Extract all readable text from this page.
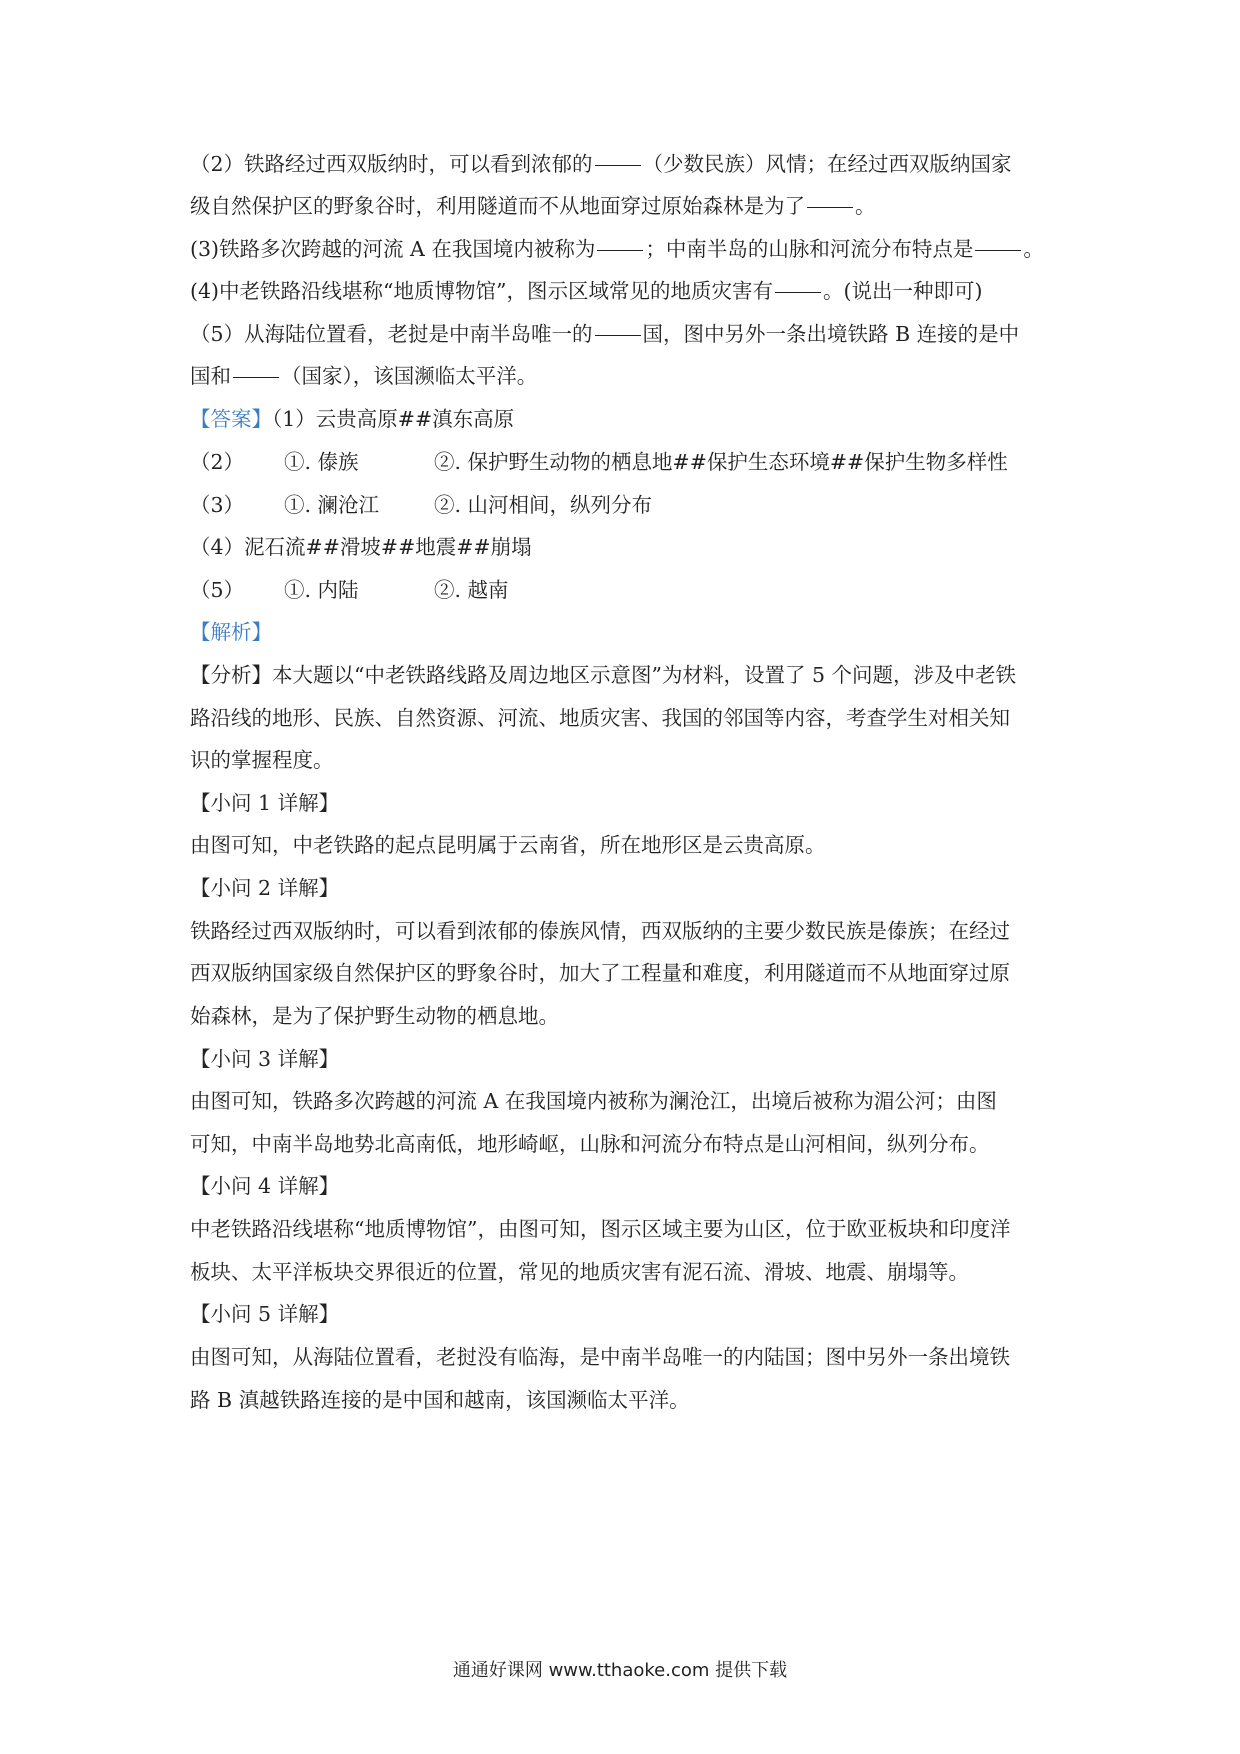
（2）铁路经过西双版纳时，可以看到浓郁的 （少数民族）风情；在经过西双版纳国家
级自然保护区的野象谷时，利用隧道而不从地面穿过原始森林是为了 。
(3)铁路多次跨越的河流 A 在我国境内被称为 ；中南半岛的山脉和河流分布特点是 。
(4)中老铁路沿线堪称“地质博物馆”，图示区域常见的地质灾害有 。(说出一种即可)
（5）从海陆位置看，老挝是中南半岛唯一的 国，图中另外一条出境铁路 B 连接的是中
国和 （国家），该国濒临太平洋。
【答案】（1）云贵高原##滇东高原
（2）	①. 傣族	②. 保护野生动物的栖息地##保护生态环境##保护生物多样性
（3）	①. 澜沧江	②. 山河相间，纵列分布
（4）泥石流##滑坡##地震##崩塌
（5）	①. 内陆	②. 越南
【解析】
【分析】本大题以“中老铁路线路及周边地区示意图”为材料，设置了 5 个问题，涉及中老铁
路沿线的地形、民族、自然资源、河流、地质灾害、我国的邻国等内容，考查学生对相关知
识的掌握程度。
【小问 1 详解】
由图可知，中老铁路的起点昆明属于云南省，所在地形区是云贵高原。
【小问 2 详解】
铁路经过西双版纳时，可以看到浓郁的傣族风情，西双版纳的主要少数民族是傣族；在经过
西双版纳国家级自然保护区的野象谷时，加大了工程量和难度，利用隧道而不从地面穿过原
始森林，是为了保护野生动物的栖息地。
【小问 3 详解】
由图可知，铁路多次跨越的河流 A 在我国境内被称为澜沧江，出境后被称为湄公河；由图
可知，中南半岛地势北高南低，地形崎岖，山脉和河流分布特点是山河相间，纵列分布。
【小问 4 详解】
中老铁路沿线堪称“地质博物馆”，由图可知，图示区域主要为山区，位于欧亚板块和印度洋
板块、太平洋板块交界很近的位置，常见的地质灾害有泥石流、滑坡、地震、崩塌等。
【小问 5 详解】
由图可知，从海陆位置看，老挝没有临海，是中南半岛唯一的内陆国；图中另外一条出境铁
路 B 滇越铁路连接的是中国和越南，该国濒临太平洋。
通通好课网 www.tthaoke.com 提供下载
